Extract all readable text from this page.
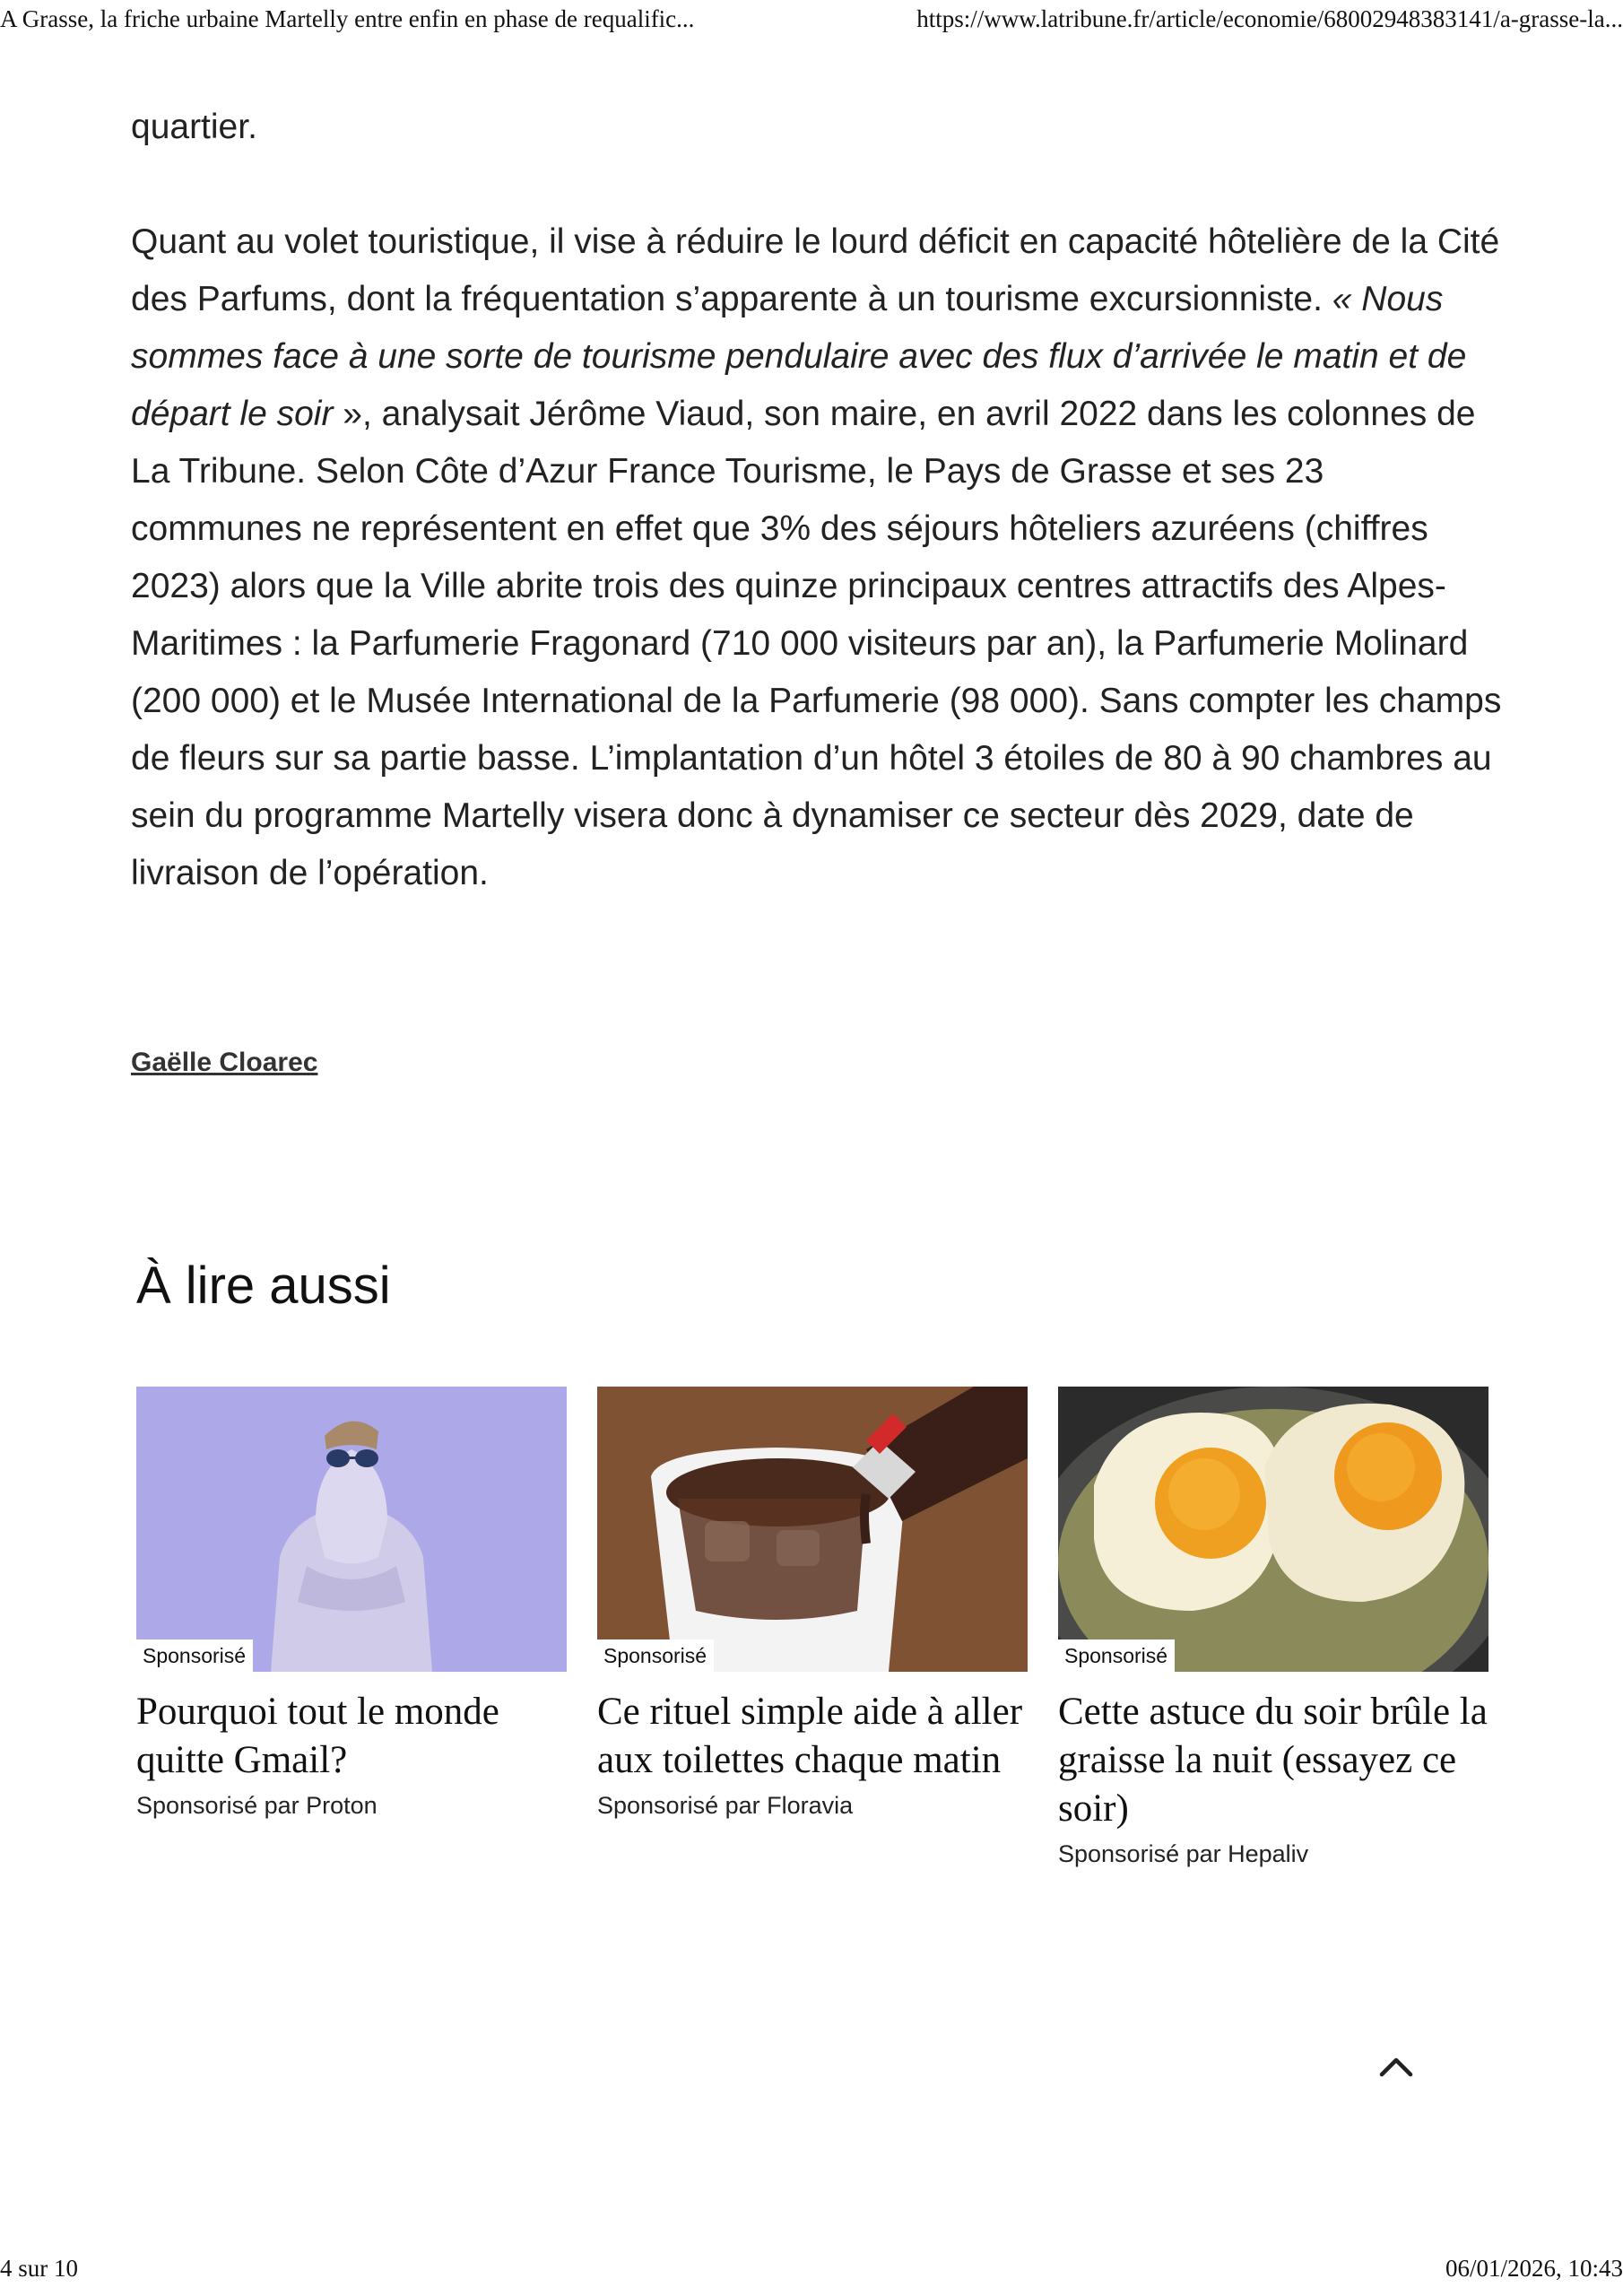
A Grasse, la friche urbaine Martelly entre enfin en phase de requalific...	https://www.latribune.fr/article/economie/68002948383141/a-grasse-la...

quartier.

Quant au volet touristique, il vise à réduire le lourd déficit en capacité hôtelière de la Cité des Parfums, dont la fréquentation s’apparente à un tourisme excursionniste. « Nous sommes face à une sorte de tourisme pendulaire avec des flux d’arrivée le matin et de départ le soir », analysait Jérôme Viaud, son maire, en avril 2022 dans les colonnes de La Tribune. Selon Côte d’Azur France Tourisme, le Pays de Grasse et ses 23 communes ne représentent en effet que 3% des séjours hôteliers azuréens (chiffres 2023) alors que la Ville abrite trois des quinze principaux centres attractifs des Alpes-Maritimes : la Parfumerie Fragonard (710 000 visiteurs par an), la Parfumerie Molinard (200 000) et le Musée International de la Parfumerie (98 000). Sans compter les champs de fleurs sur sa partie basse. L’implantation d’un hôtel 3 étoiles de 80 à 90 chambres au sein du programme Martelly visera donc à dynamiser ce secteur dès 2029, date de livraison de l’opération.

Gaëlle Cloarec
À lire aussi
Sponsorisé
Pourquoi tout le monde quitte Gmail?
Sponsorisé par Proton
Sponsorisé
Ce rituel simple aide à aller aux toilettes chaque matin
Sponsorisé par Floravia
Sponsorisé
Cette astuce du soir brûle la graisse la nuit (essayez ce soir)
Sponsorisé par Hepaliv
4 sur 10	06/01/2026, 10:43
